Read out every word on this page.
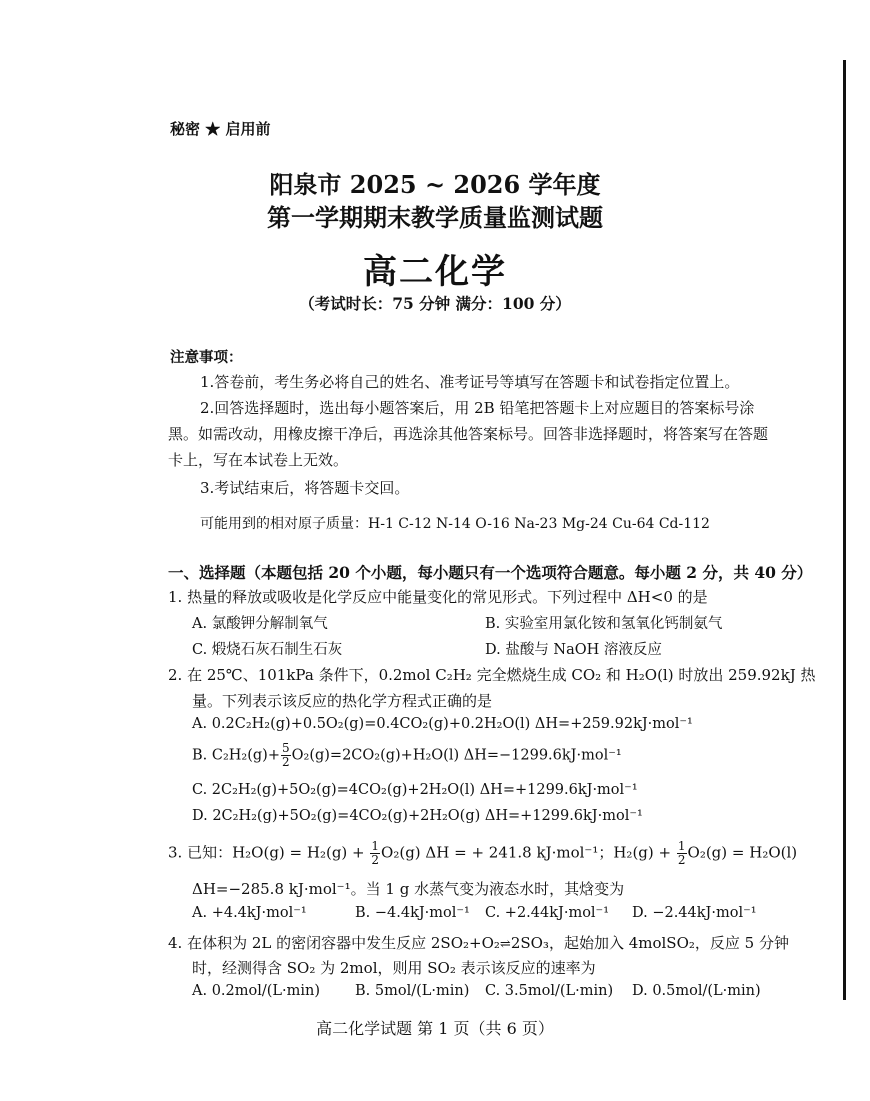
秘密 ★ 启用前
阳泉市 2025 ~ 2026 学年度
第一学期期末教学质量监测试题
高二化学
（考试时长：75 分钟 满分：100 分）
注意事项：
1.答卷前，考生务必将自己的姓名、准考证号等填写在答题卡和试卷指定位置上。
2.回答选择题时，选出每小题答案后，用 2B 铅笔把答题卡上对应题目的答案标号涂
黑。如需改动，用橡皮擦干净后，再选涂其他答案标号。回答非选择题时，将答案写在答题
卡上，写在本试卷上无效。
3.考试结束后，将答题卡交回。
可能用到的相对原子质量：H-1 C-12 N-14 O-16 Na-23 Mg-24 Cu-64 Cd-112
一、选择题（本题包括 20 个小题，每小题只有一个选项符合题意。每小题 2 分，共 40 分）
1. 热量的释放或吸收是化学反应中能量变化的常见形式。下列过程中 ΔH<0 的是
A. 氯酸钾分解制氧气	B. 实验室用氯化铵和氢氧化钙制氨气
C. 煅烧石灰石制生石灰	D. 盐酸与 NaOH 溶液反应
2. 在 25℃、101kPa 条件下，0.2mol C₂H₂ 完全燃烧生成 CO₂ 和 H₂O(l) 时放出 259.92kJ 热
量。下列表示该反应的热化学方程式正确的是
A. 0.2C₂H₂(g)+0.5O₂(g)=0.4CO₂(g)+0.2H₂O(l) ΔH=+259.92kJ·mol⁻¹
B. $C_2H_2(g)+ \frac{5}{2} O_2(g)=2CO_2(g)+H_2O(l)$ ΔH=−1299.6kJ·mol⁻¹
C. 2C₂H₂(g)+5O₂(g)=4CO₂(g)+2H₂O(l) ΔH=+1299.6kJ·mol⁻¹
D. 2C₂H₂(g)+5O₂(g)=4CO₂(g)+2H₂O(g) ΔH=+1299.6kJ·mol⁻¹
3. 已知：$H_2O(g) = H_2(g) + \frac{1}{2} O_2(g) \Delta H$ = + 241.8 kJ·mol⁻¹；$H_2(g) + \frac{1}{2} O_2(g) = H_2O(l)$
ΔH=−285.8 kJ·mol⁻¹。当 1 g 水蒸气变为液态水时，其焓变为
A. +4.4kJ·mol⁻¹	B. −4.4kJ·mol⁻¹ C. +2.44kJ·mol⁻¹ D. −2.44kJ·mol⁻¹
4. 在体积为 2L 的密闭容器中发生反应 2SO₂+O₂⇌2SO₃，起始加入 4molSO₂，反应 5 分钟
时，经测得含 SO₂ 为 2mol，则用 SO₂ 表示该反应的速率为
A. 0.2mol/(L·min) B. 5mol/(L·min) C. 3.5mol/(L·min) D. 0.5mol/(L·min)
高二化学试题 第 1 页（共 6 页）
